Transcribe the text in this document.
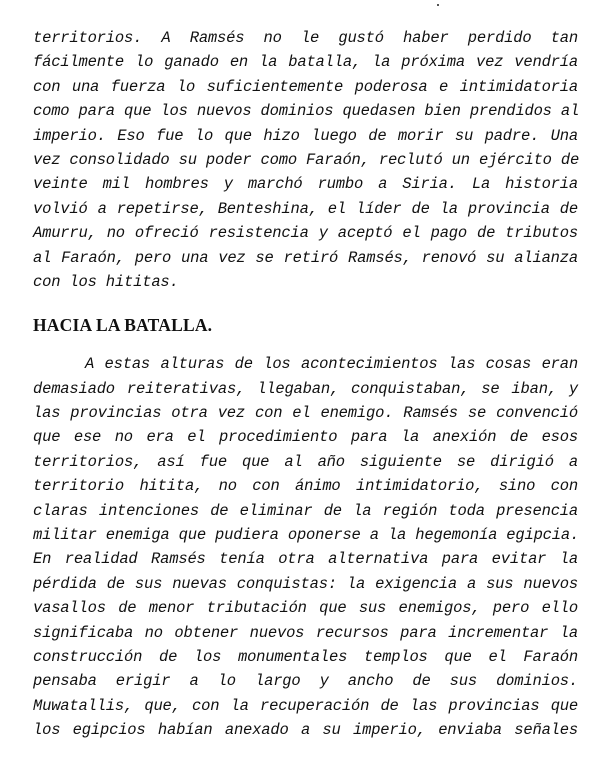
territorios. A Ramsés no le gustó haber perdido tan
fácilmente lo ganado en la batalla, la próxima vez vendría
con una fuerza lo suficientemente poderosa e intimidatoria
como para que los nuevos dominios quedasen bien prendidos al
imperio. Eso fue lo que hizo luego de morir su padre. Una
vez consolidado su poder como Faraón, reclutó un ejército de
veinte mil hombres y marchó rumbo a Siria. La historia
volvió a repetirse, Benteshina, el líder de la provincia de
Amurru, no ofreció resistencia y aceptó el pago de tributos
al Faraón, pero una vez se retiró Ramsés, renovó su alianza
con los hititas.
HACIA LA BATALLA.
A estas alturas de los acontecimientos las cosas eran
demasiado reiterativas, llegaban, conquistaban, se iban, y
las provincias otra vez con el enemigo. Ramsés se convenció
que ese no era el procedimiento para la anexión de esos
territorios, así fue que al año siguiente se dirigió a
territorio hitita, no con ánimo intimidatorio, sino con
claras intenciones de eliminar de la región toda presencia
militar enemiga que pudiera oponerse a la hegemonía egipcia.
En realidad Ramsés tenía otra alternativa para evitar la
pérdida de sus nuevas conquistas: la exigencia a sus nuevos
vasallos de menor tributación que sus enemigos, pero ello
significaba no obtener nuevos recursos para incrementar la
construcción de los monumentales templos que el Faraón
pensaba erigir a lo largo y ancho de sus dominios.
Muwatallis, que, con la recuperación de las provincias que
los egipcios habían anexado a su imperio, enviaba señales
